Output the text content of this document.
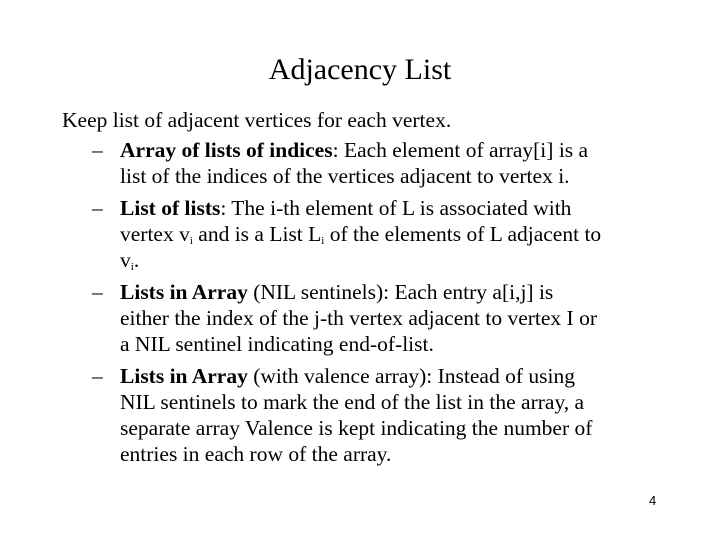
Adjacency List
Keep list of adjacent vertices for each vertex.
– Array of lists of indices: Each element of array[i] is a
list of the indices of the vertices adjacent to vertex i.
– List of lists: The i-th element of L is associated with
vertex $v_i$ and is a List $L_i$ of the elements of L adjacent to
$v_i$.
– Lists in Array (NIL sentinels): Each entry a[i,j] is
either the index of the j-th vertex adjacent to vertex I or
a NIL sentinel indicating end-of-list.
– Lists in Array (with valence array): Instead of using
NIL sentinels to mark the end of the list in the array, a
separate array Valence is kept indicating the number of
entries in each row of the array.
4
